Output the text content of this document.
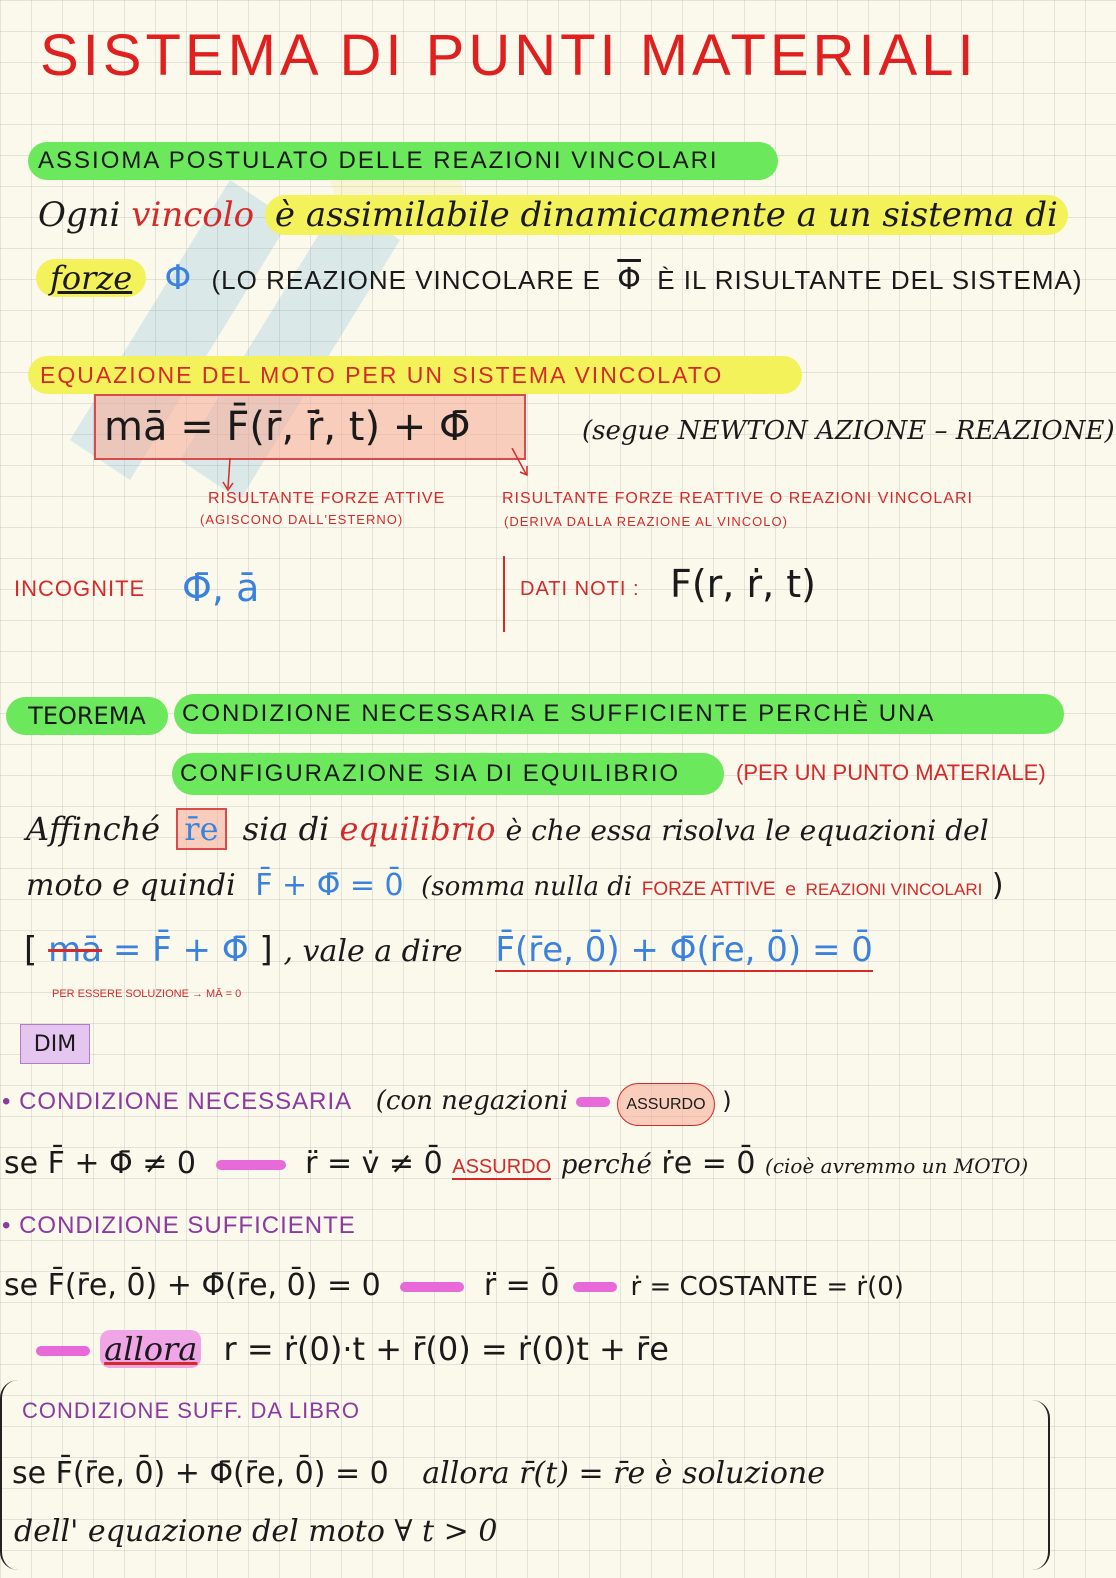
SISTEMA DI PUNTI MATERIALI
ASSIOMA POSTULATO DELLE REAZIONI VINCOLARI
Ogni vincolo è assimilabile dinamicamente a un sistema di
forze Φ (LO REAZIONE VINCOLARE E $\overline{\Phi}$ È IL RISULTANTE DEL SISTEMA)
EQUAZIONE DEL MOTO PER UN SISTEMA VINCOLATO
mā = F̄(r̄, ṙ̄, t) + Φ̄	(segue NEWTON AZIONE – REAZIONE)
RISULTANTE FORZE ATTIVE
(AGISCONO DALL'ESTERNO)
RISULTANTE FORZE REATTIVE O REAZIONI VINCOLARI
(DERIVA DALLA REAZIONE AL VINCOLO)
INCOGNITE Φ̄, ā	DATI NOTI : F(r, ṙ, t)
TEOREMA	CONDIZIONE NECESSARIA E SUFFICIENTE PERCHÈ UNA
CONFIGURAZIONE SIA DI EQUILIBRIO	(PER UN PUNTO MATERIALE)
Affinché r̄e sia di equilibrio è che essa risolva le equazioni del
moto e quindi F̄ + Φ̄ = 0̄ (somma nulla di FORZE ATTIVE e REAZIONI VINCOLARI )
[ mā = F̄ + Φ̄ ] , vale a dire F̄(r̄e, 0̄) + Φ̄(r̄e, 0̄) = 0̄
PER ESSERE SOLUZIONE → MĀ = 0
DIM
• CONDIZIONE NECESSARIA (con negazioni	ASSURDO )
se F̄ + Φ̄ ≠ 0	r̈ = v̇ ≠ 0̄ ASSURDO perché ṙe = 0̄ (cioè avremmo un MOTO)
• CONDIZIONE SUFFICIENTE
se F̄(r̄e, 0̄) + Φ̄(r̄e, 0̄) = 0	r̈ = 0̄	ṙ = COSTANTE = ṙ(0)
allora r = ṙ(0)·t + r̄(0) = ṙ(0)t + r̄e
CONDIZIONE SUFF. DA LIBRO
se F̄(r̄e, 0̄) + Φ̄(r̄e, 0̄) = 0 allora r̄(t) = r̄e è soluzione
dell' equazione del moto ∀ t > 0
